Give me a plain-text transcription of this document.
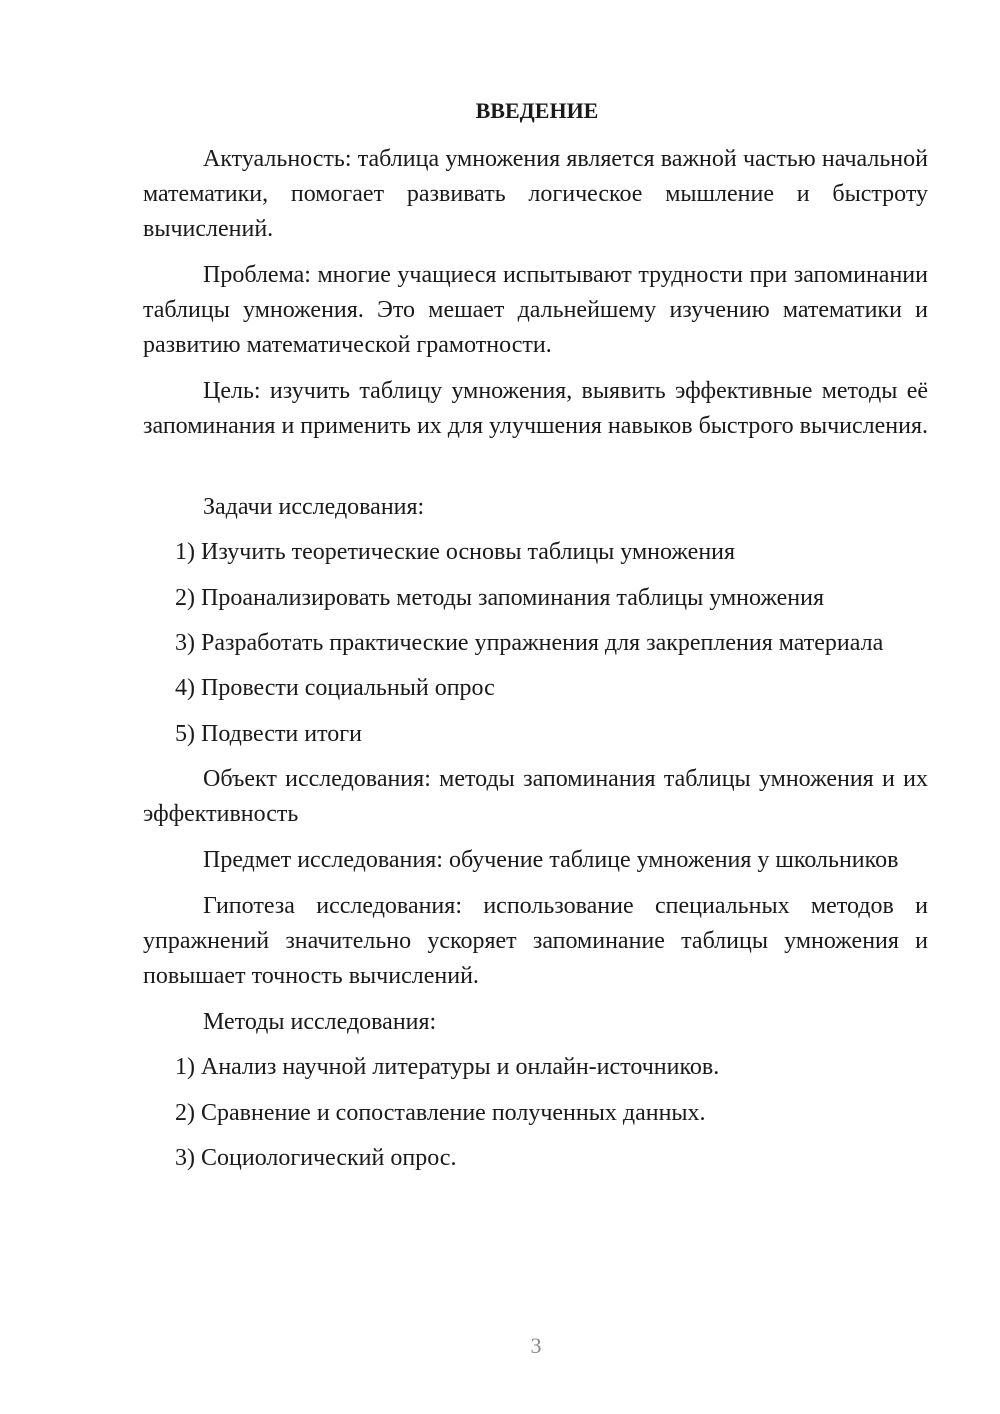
ВВЕДЕНИЕ

Актуальность: таблица умножения является важной частью начальной математики, помогает развивать логическое мышление и быстроту вычислений.

Проблема: многие учащиеся испытывают трудности при запоминании таблицы умножения. Это мешает дальнейшему изучению математики и развитию математической грамотности.

Цель: изучить таблицу умножения, выявить эффективные методы её запоминания и применить их для улучшения навыков быстрого вычисления.

Задачи исследования:

1) Изучить теоретические основы таблицы умножения

2) Проанализировать методы запоминания таблицы умножения

3) Разработать практические упражнения для закрепления материала

4) Провести социальный опрос

5) Подвести итоги

Объект исследования: методы запоминания таблицы умножения и их эффективность

Предмет исследования: обучение таблице умножения у школьников

Гипотеза исследования: использование специальных методов и упражнений значительно ускоряет запоминание таблицы умножения и повышает точность вычислений.

Методы исследования:

1) Анализ научной литературы и онлайн-источников.

2) Сравнение и сопоставление полученных данных.

3) Социологический опрос.

3
